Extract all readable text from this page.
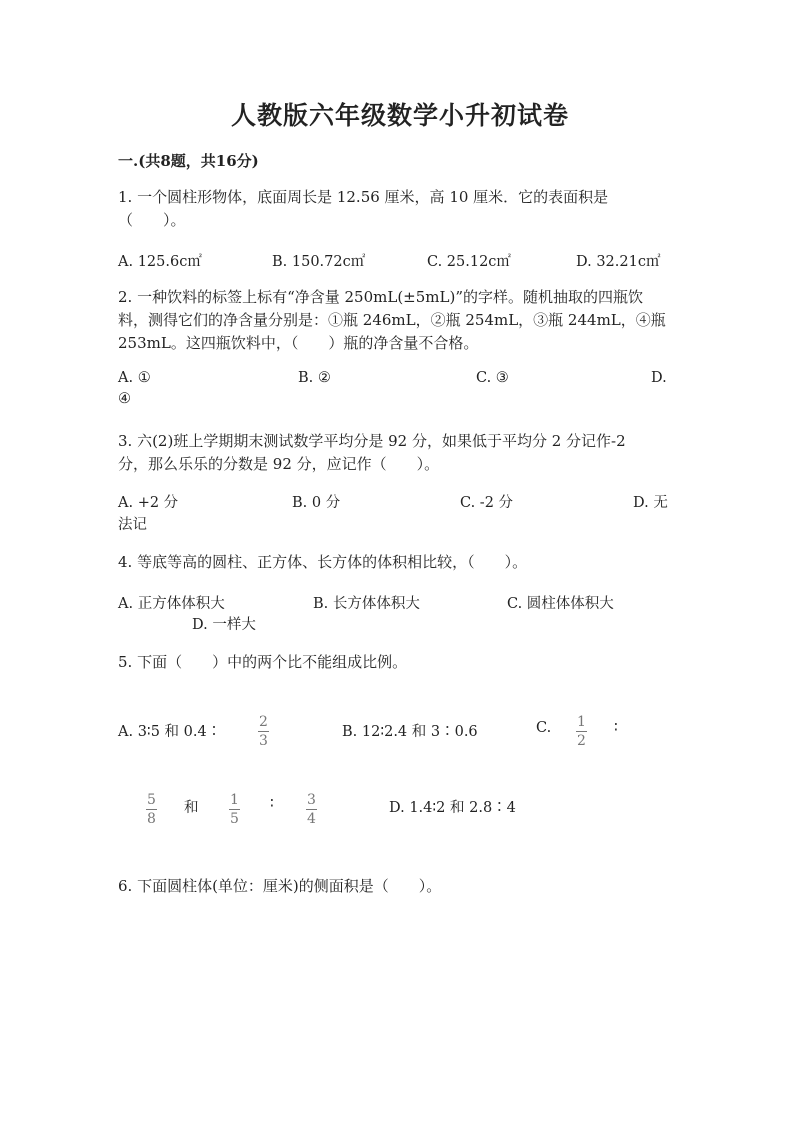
人教版六年级数学小升初试卷
一.(共8题，共16分)
1. 一个圆柱形物体，底面周长是 12.56 厘米，高 10 厘米．它的表面积是
（　　）。
A. 125.6c㎡	B. 150.72c㎡	C. 25.12c㎡	D. 32.21c㎡
2. 一种饮料的标签上标有“净含量 250mL(±5mL)”的字样。随机抽取的四瓶饮
料，测得它们的净含量分别是：①瓶 246mL，②瓶 254mL，③瓶 244mL，④瓶
253mL。这四瓶饮料中，（　　）瓶的净含量不合格。
A. ①	B. ②	C. ③	D.
④
3. 六(2)班上学期期末测试数学平均分是 92 分，如果低于平均分 2 分记作-2
分，那么乐乐的分数是 92 分，应记作（　　）。
A. +2 分	B. 0 分	C. -2 分	D. 无
法记
4. 等底等高的圆柱、正方体、长方体的体积相比较，（　　）。
A. 正方体体积大	B. 长方体体积大	C. 圆柱体体积大
D. 一样大
5. 下面（　　）中的两个比不能组成比例。
A. 3∶5 和 0.4∶
2
3
B. 12∶2.4 和 3∶0.6	C. 1
2
∶
5
8
和 1
5
∶ 3
4
D. 1.4∶2 和 2.8∶4
6. 下面圆柱体(单位：厘米)的侧面积是（　　）。
